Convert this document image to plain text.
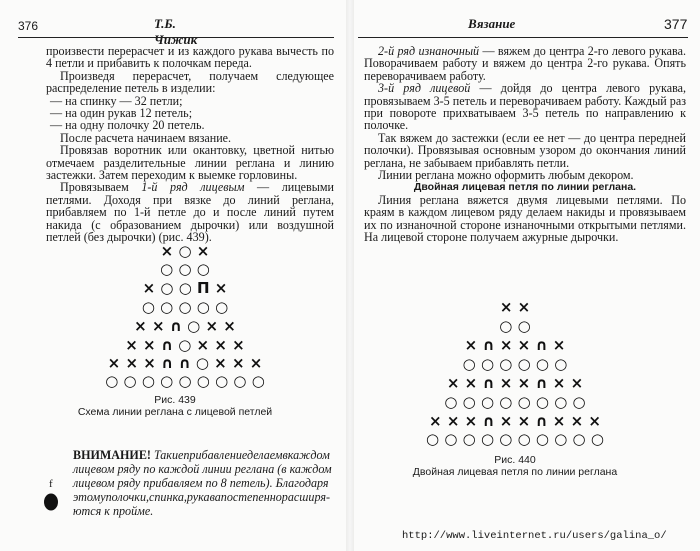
376	Т.Б. Чижик

произвести перерасчет и из каждого рукава вычесть по 4 петли и прибавить к полочкам переда.

Произведя перерасчет, получаем следующее распределение петель в изделии:

— на спинку — 32 петли;

— на один рукав 12 петель;

— на одну полочку 20 петель.

После расчета начинаем вязание.

Провязав воротник или окантовку, цветной нитью отмечаем разделительные линии реглана и линию застежки. Затем переходим к выемке горловины.

Провязываем 1-й ряд лицевым — лицевыми петлями. Доходя при вязке до линий реглана, прибавляем по 1-й петле до и после линий путем накида (с образованием дырочки) или воздушной петлей (без дырочки) (рис. 439).

× ○ ×
○ ○ ○
× ○ ○ П ×
○ ○ ○ ○ ○
× × ∩ ○ × ×
× × ∩ ○ × × ×
× × × ∩ ∩ ○ × × ×
○ ○ ○ ○ ○ ○ ○ ○ ○
Рис. 439
Схема линии реглана с лицевой петлей
ВНИМАНИЕ! Такиеприбавлениеделаемвкаждом
лицевом ряду по каждой линии реглана (в каждом
лицевом ряду прибавляем по 8 петель). Благодаря
этомуполочки,спинка,рукавапостепеннорасширя-
ются к пройме.
f
Вязание	377

2-й ряд изнаночный — вяжем до центра 2-го левого рукава. Поворачиваем работу и вяжем до центра 2-го рукава. Опять переворачиваем работу.

3-й ряд лицевой — дойдя до центра левого рукава, провязываем 3-5 петель и переворачиваем работу. Каждый раз при повороте прихватываем 3-5 петель по направлению к полочке.

Так вяжем до застежки (если ее нет — до центра передней полочки). Провязывая основным узором до окончания линий реглана, не забываем прибавлять петли.

Линии реглана можно оформить любым декором.

Двойная лицевая петля по линии реглана.

Линия реглана вяжется двумя лицевыми петлями. По краям в каждом лицевом ряду делаем накиды и провязываем их по изнаночной стороне изнаночными открытыми петлями. На лицевой стороне получаем ажурные дырочки.

× ×
○ ○
× ∩ × × ∩ ×
○ ○ ○ ○ ○ ○
× × ∩ × × ∩ × ×
○ ○ ○ ○ ○ ○ ○ ○
× × × ∩ × × ∩ × × ×
○ ○ ○ ○ ○ ○ ○ ○ ○ ○
Рис. 440
Двойная лицевая петля по линии реглана
http://www.liveinternet.ru/users/galina_o/
